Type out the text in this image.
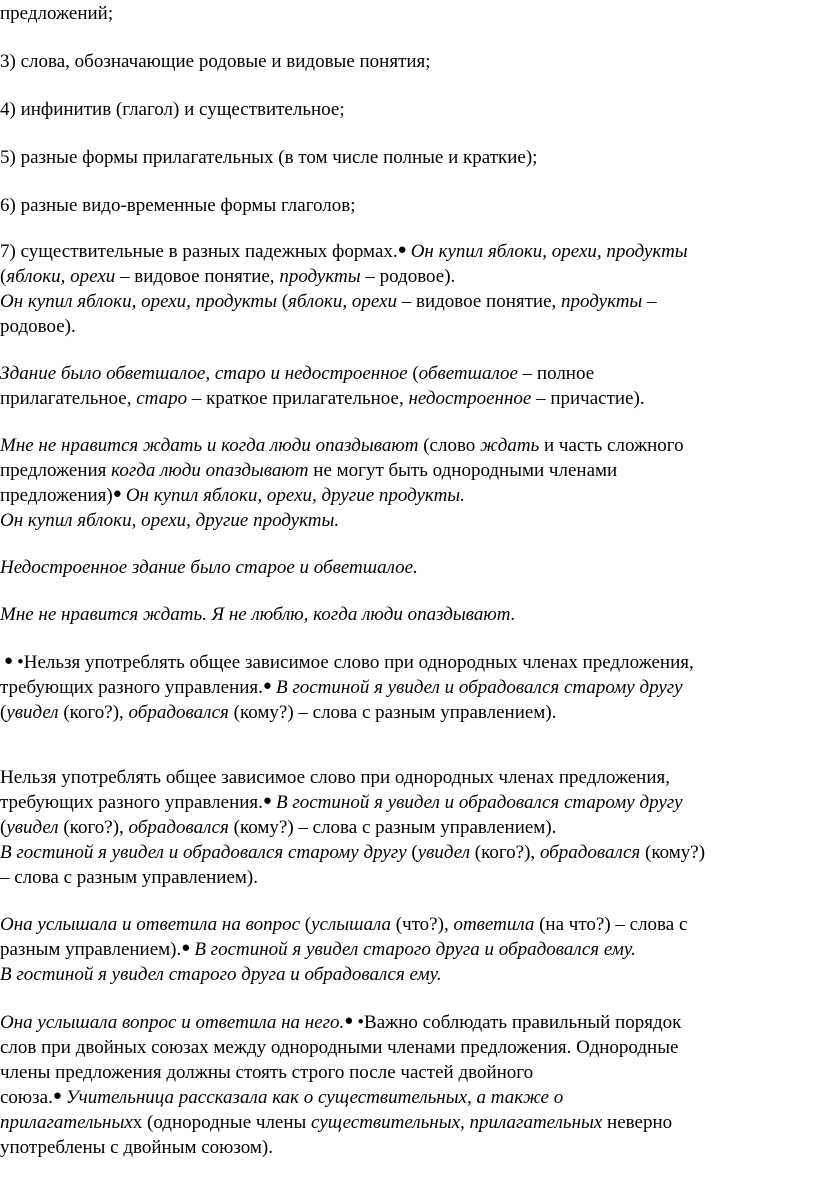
предложений;
3) слова, обозначающие родовые и видовые понятия;
4) инфинитив (глагол) и существительное;
5) разные формы прилагательных (в том числе полные и краткие);
6) разные видо-временные формы глаголов;
7) существительные в разных падежных формах.● Он купил яблоки, орехи, продукты
(яблоки, орехи – видовое понятие, продукты – родовое).
Он купил яблоки, орехи, продукты (яблоки, орехи – видовое понятие, продукты –
родовое).
Здание было обветшалое, старо и недостроенное (обветшалое – полное
прилагательное, старо – краткое прилагательное, недостроенное – причастие).
Мне не нравится ждать и когда люди опаздывают (слово ждать и часть сложного
предложения когда люди опаздывают не могут быть однородными членами
предложения)● Он купил яблоки, орехи, другие продукты.
Он купил яблоки, орехи, другие продукты.
Недостроенное здание было старое и обветшалое.
Мне не нравится ждать. Я не люблю, когда люди опаздывают.
● •Нельзя употреблять общее зависимое слово при однородных членах предложения,
требующих разного управления.● В гостиной я увидел и обрадовался старому другу
(увидел (кого?), обрадовался (кому?) – слова с разным управлением).
Нельзя употреблять общее зависимое слово при однородных членах предложения,
требующих разного управления.● В гостиной я увидел и обрадовался старому другу
(увидел (кого?), обрадовался (кому?) – слова с разным управлением).
В гостиной я увидел и обрадовался старому другу (увидел (кого?), обрадовался (кому?)
– слова с разным управлением).
Она услышала и ответила на вопрос (услышала (что?), ответила (на что?) – слова с
разным управлением).● В гостиной я увидел старого друга и обрадовался ему.
В гостиной я увидел старого друга и обрадовался ему.
Она услышала вопрос и ответила на него.● •Важно соблюдать правильный порядок
слов при двойных союзах между однородными членами предложения. Однородные
члены предложения должны стоять строго после частей двойного
союза.● Учительница рассказала как о существительных, а также о
прилагательныхх (однородные члены существительных, прилагательных неверно
употреблены с двойным союзом).
